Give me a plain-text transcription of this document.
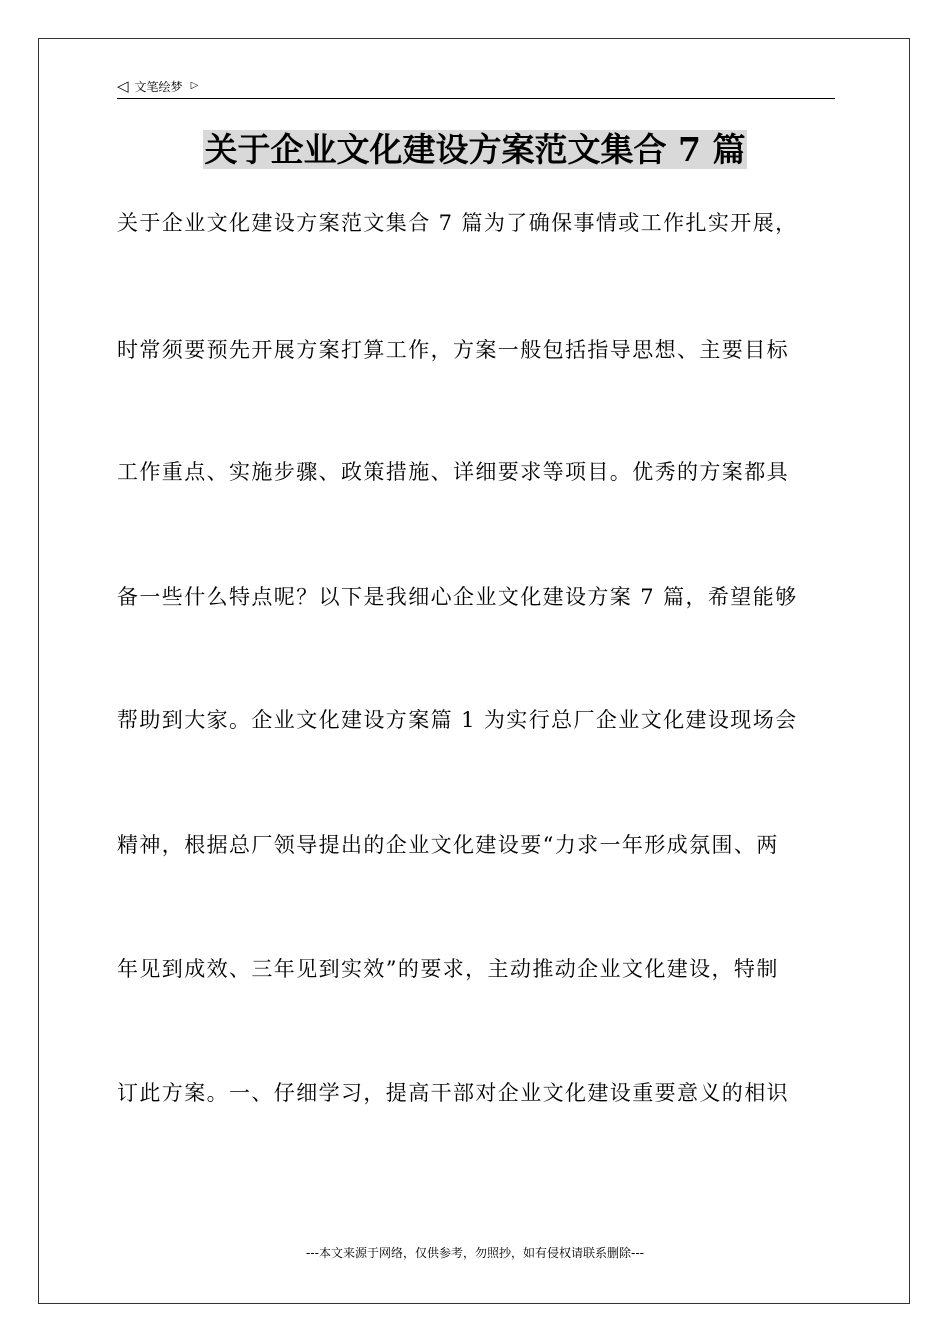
◁ 文笔绘梦 ▷
关于企业文化建设方案范文集合 7 篇
关于企业文化建设方案范文集合 7 篇为了确保事情或工作扎实开展，
时常须要预先开展方案打算工作，方案一般包括指导思想、主要目标
工作重点、实施步骤、政策措施、详细要求等项目。优秀的方案都具
备一些什么特点呢？以下是我细心企业文化建设方案 7 篇，希望能够
帮助到大家。企业文化建设方案篇 1 为实行总厂企业文化建设现场会
精神，根据总厂领导提出的企业文化建设要“力求一年形成氛围、两
年见到成效、三年见到实效”的要求，主动推动企业文化建设，特制
订此方案。一、仔细学习，提高干部对企业文化建设重要意义的相识
---本文来源于网络，仅供参考，勿照抄，如有侵权请联系删除---
